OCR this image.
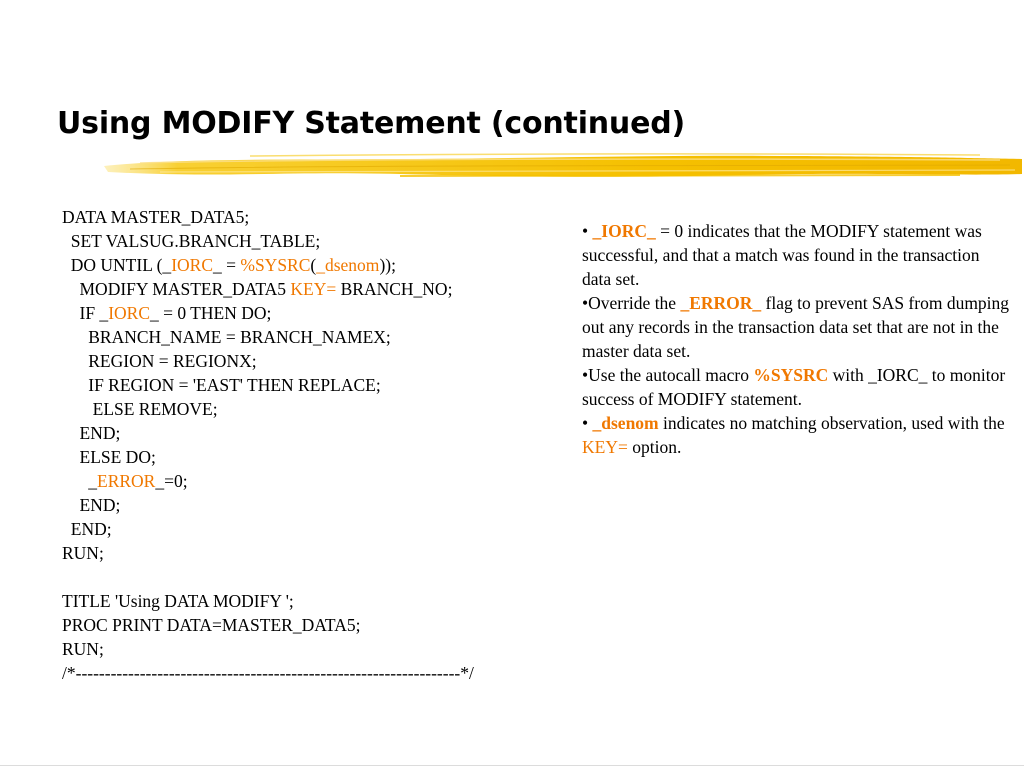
Using MODIFY Statement (continued)
DATA MASTER_DATA5;
SET VALSUG.BRANCH_TABLE;
DO UNTIL (_IORC_ = %SYSRC(_dsenom));
MODIFY MASTER_DATA5 KEY= BRANCH_NO;
IF _IORC_ = 0 THEN DO;
BRANCH_NAME = BRANCH_NAMEX;
REGION = REGIONX;
IF REGION = 'EAST' THEN REPLACE;
ELSE REMOVE;
END;
ELSE DO;
_ERROR_=0;
END;
END;
RUN;
TITLE 'Using DATA MODIFY ';
PROC PRINT DATA=MASTER_DATA5;
RUN;
/*------------------------------------------------------------------*/
• _IORC_ = 0 indicates that the MODIFY statement was successful, and that a match was found in the transaction data set.
•Override the _ERROR_ flag to prevent SAS from dumping out any records in the transaction data set that are not in the master data set.
•Use the autocall macro %SYSRC with _IORC_ to monitor success of MODIFY statement.
• _dsenom indicates no matching observation, used with the KEY= option.
